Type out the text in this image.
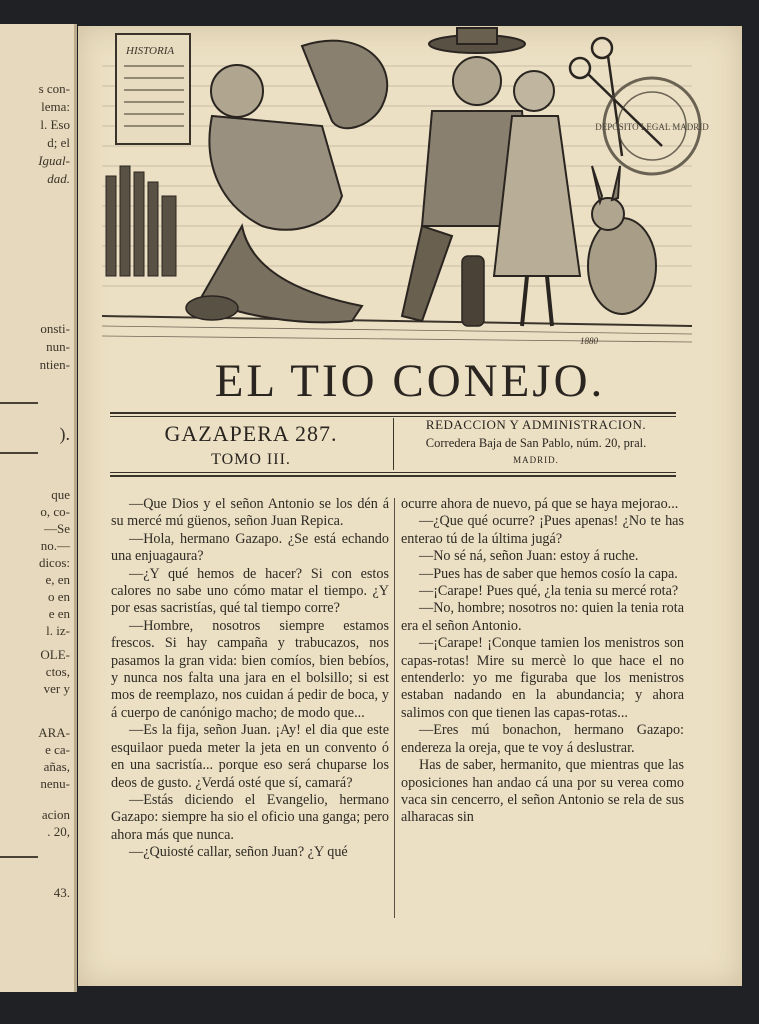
s con-
lema:
l. Eso
d; el
Igual-
dad.
onsti-
nun-
ntien-
).
que
o, co-
—Se
no.—
dicos:
e, en
o en
e en
l. iz-
OLE-
ctos,
ver y
ARA-
e ca-
añas,
nenu-
acion
. 20,
43.
HISTORIA
DEPÓSITO LEGAL MADRID
1880
EL TIO CONEJO.
GAZAPERA 287.
TOMO III.
REDACCION Y ADMINISTRACION.
Corredera Baja de San Pablo, núm. 20, pral.
MADRID.

—Que Dios y el señon Antonio se los dén á su mercé mú güenos, señon Juan Repica.

—Hola, hermano Gazapo. ¿Se está echando una enjuagaura?

—¿Y qué hemos de hacer? Si con estos calores no sabe uno cómo matar el tiempo. ¿Y por esas sacristías, qué tal tiempo corre?

—Hombre, nosotros siempre estamos frescos. Si hay campaña y trabucazos, nos pasamos la gran vida: bien comíos, bien bebíos, y nunca nos falta una jara en el bolsillo; si est mos de reemplazo, nos cuidan á pedir de boca, y á cuerpo de canónigo macho; de modo que...

—Es la fija, señon Juan. ¡Ay! el dia que este esquilaor pueda meter la jeta en un convento ó en una sacristía... porque eso será chuparse los deos de gusto. ¿Verdá osté que sí, camará?

—Estás diciendo el Evangelio, hermano Gazapo: siempre ha sio el oficio una ganga; pero ahora más que nunca.

—¿Quiosté callar, señon Juan? ¿Y qué

ocurre ahora de nuevo, pá que se haya mejorao...

—¿Que qué ocurre? ¡Pues apenas! ¿No te has enterao tú de la última jugá?

—No sé ná, señon Juan: estoy á ruche.

—Pues has de saber que hemos cosío la capa.

—¡Carape! Pues qué, ¿la tenia su mercé rota?

—No, hombre; nosotros no: quien la tenia rota era el señon Antonio.

—¡Carape! ¡Conque tamien los menistros son capas-rotas! Mire su mercè lo que hace el no entenderlo: yo me figuraba que los menistros estaban nadando en la abundancia; y ahora salimos con que tienen las capas-rotas...

—Eres mú bonachon, hermano Gazapo: endereza la oreja, que te voy á deslustrar.

Has de saber, hermanito, que mientras que las oposiciones han andao cá una por su verea como vaca sin cencerro, el señon Antonio se rela de sus alharacas sin
